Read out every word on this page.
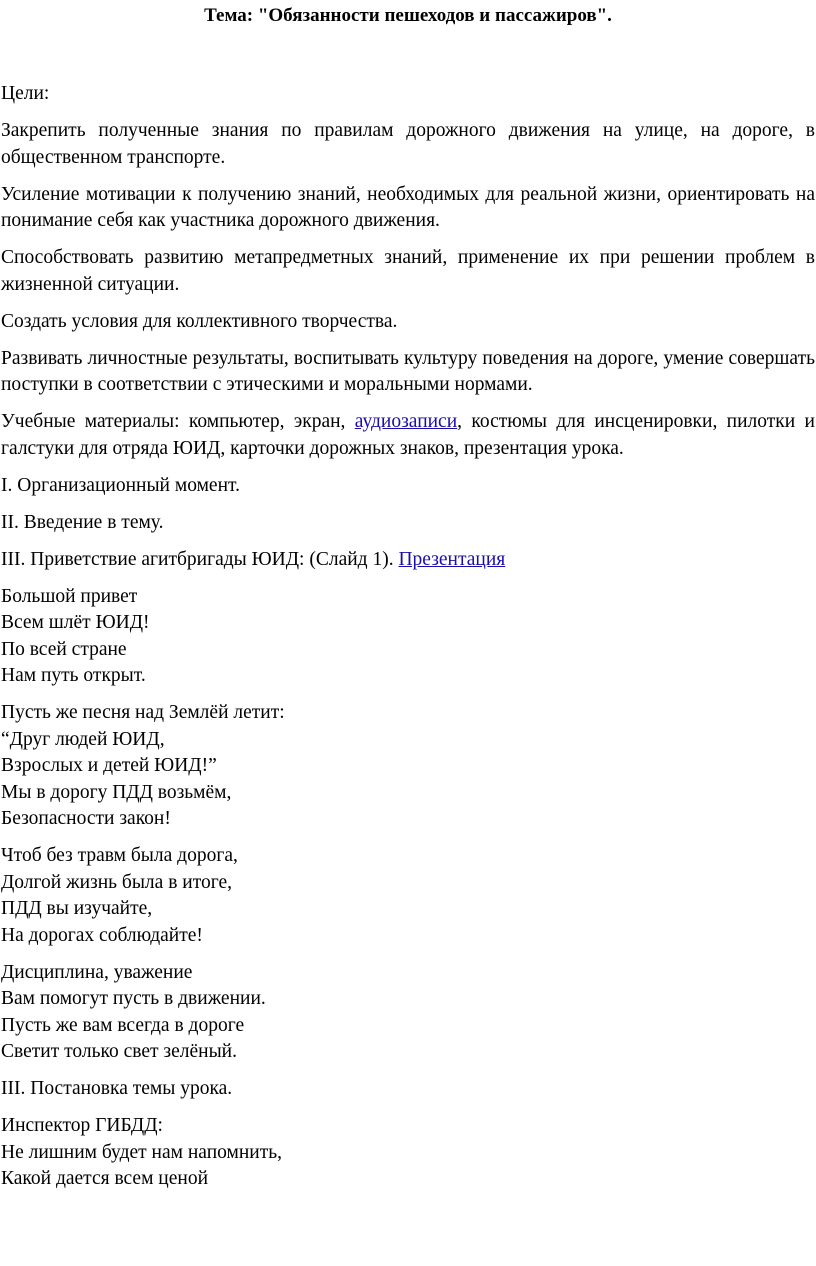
Тема: "Обязанности пешеходов и пассажиров".

Цели:

Закрепить полученные знания по правилам дорожного движения на улице, на дороге, в общественном транспорте.

Усиление мотивации к получению знаний, необходимых для реальной жизни, ориентировать на понимание себя как участника дорожного движения.

Способствовать развитию метапредметных знаний, применение их при решении проблем в жизненной ситуации.

Создать условия для коллективного творчества.

Развивать личностные результаты, воспитывать культуру поведения на дороге, умение совершать поступки в соответствии с этическими и моральными нормами.

Учебные материалы: компьютер, экран, аудиозаписи, костюмы для инсценировки, пилотки и галстуки для отряда ЮИД, карточки дорожных знаков, презентация урока.

I. Организационный момент.

II. Введение в тему.

III. Приветствие агитбригады ЮИД: (Слайд 1). Презентация

Большой привет
Всем шлёт ЮИД!
По всей стране
Нам путь открыт.

Пусть же песня над Землёй летит:
“Друг людей ЮИД,
Взрослых и детей ЮИД!”
Мы в дорогу ПДД возьмём,
Безопасности закон!

Чтоб без травм была дорога,
Долгой жизнь была в итоге,
ПДД вы изучайте,
На дорогах соблюдайте!

Дисциплина, уважение
Вам помогут пусть в движении.
Пусть же вам всегда в дороге
Светит только свет зелёный.

III. Постановка темы урока.

Инспектор ГИБДД:
Не лишним будет нам напомнить,
Какой дается всем ценой
